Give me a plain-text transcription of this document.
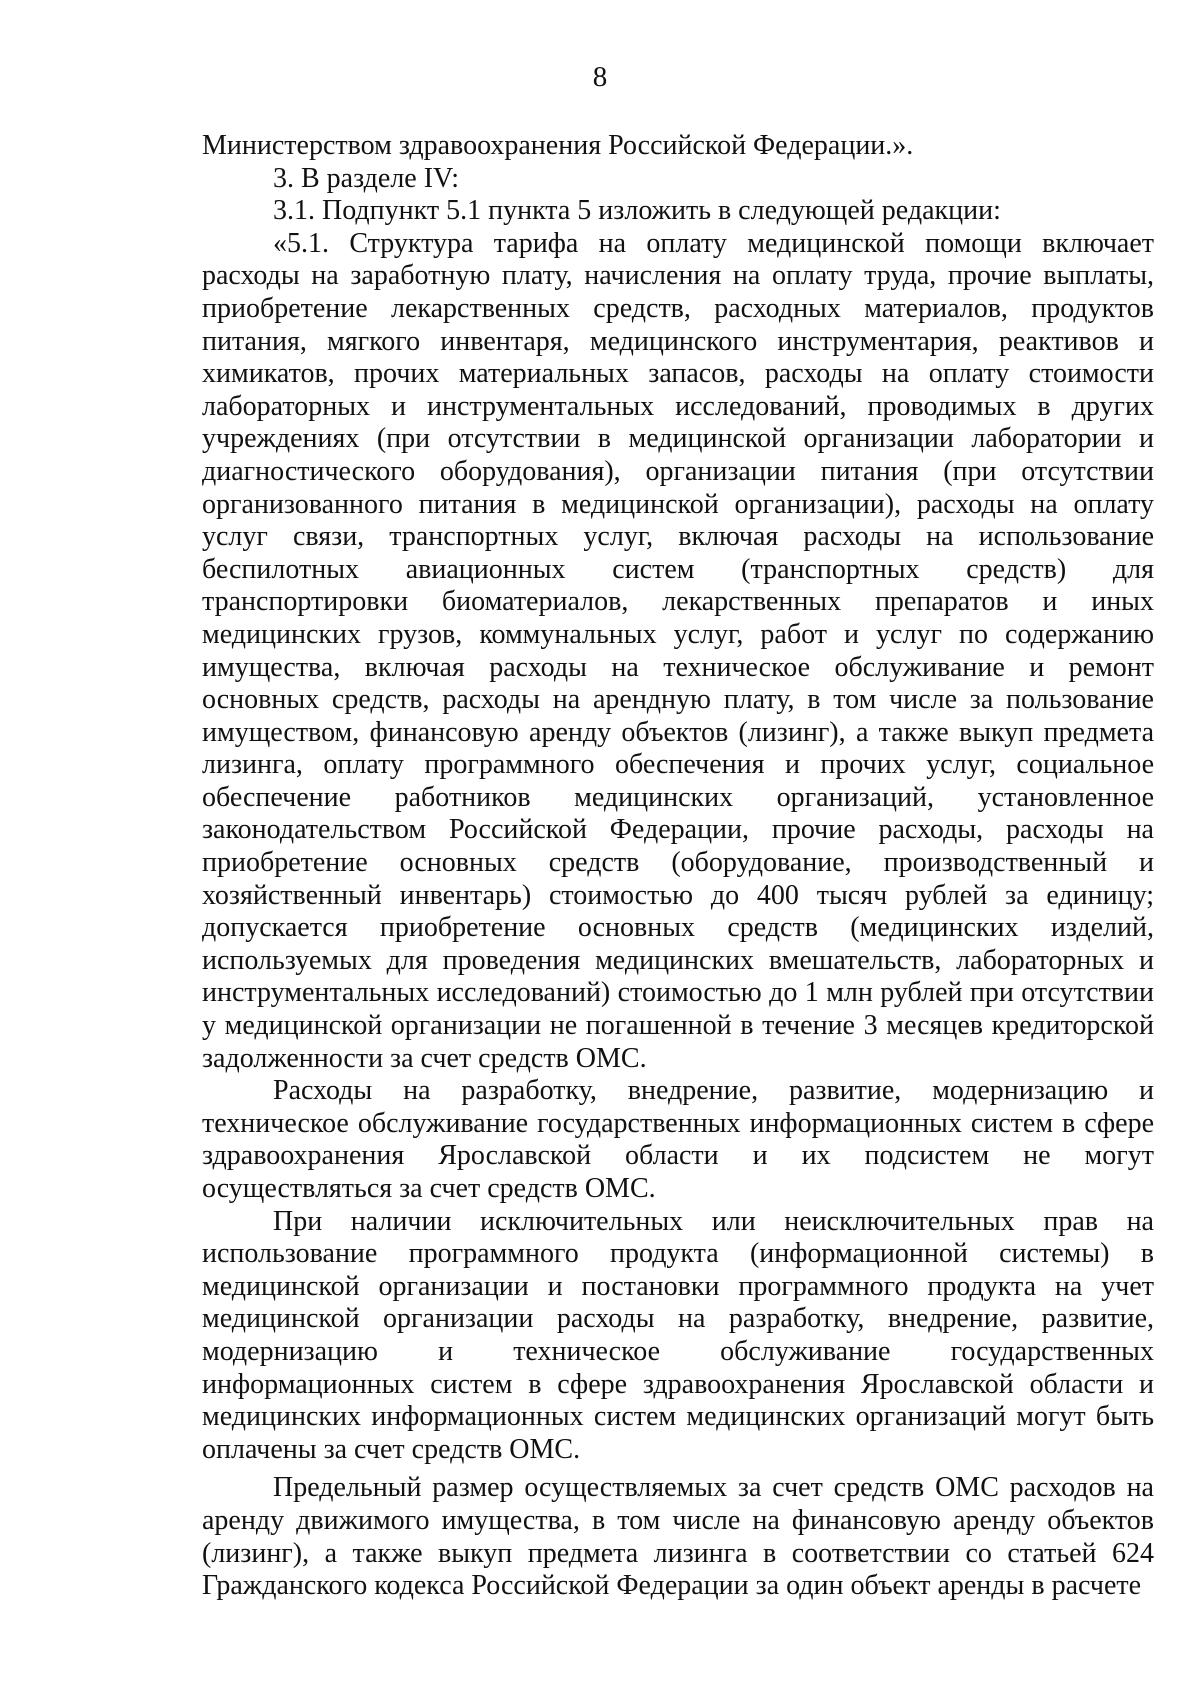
8

Министерством здравоохранения Российской Федерации.».

3. В разделе IV:

3.1. Подпункт 5.1 пункта 5 изложить в следующей редакции:

«5.1. Структура тарифа на оплату медицинской помощи включает расходы на заработную плату, начисления на оплату труда, прочие выплаты, приобретение лекарственных средств, расходных материалов, продуктов питания, мягкого инвентаря, медицинского инструментария, реактивов и химикатов, прочих материальных запасов, расходы на оплату стоимости лабораторных и инструментальных исследований, проводимых в других учреждениях (при отсутствии в медицинской организации лаборатории и диагностического оборудования), организации питания (при отсутствии организованного питания в медицинской организации), расходы на оплату услуг связи, транспортных услуг, включая расходы на использование беспилотных авиационных систем (транспортных средств) для транспортировки биоматериалов, лекарственных препаратов и иных медицинских грузов, коммунальных услуг, работ и услуг по содержанию имущества, включая расходы на техническое обслуживание и ремонт основных средств, расходы на арендную плату, в том числе за пользование имуществом, финансовую аренду объектов (лизинг), а также выкуп предмета лизинга, оплату программного обеспечения и прочих услуг, социальное обеспечение работников медицинских организаций, установленное законодательством Российской Федерации, прочие расходы, расходы на приобретение основных средств (оборудование, производственный и хозяйственный инвентарь) стоимостью до 400 тысяч рублей за единицу; допускается приобретение основных средств (медицинских изделий, используемых для проведения медицинских вмешательств, лабораторных и инструментальных исследований) стоимостью до 1 млн рублей при отсутствии у медицинской организации не погашенной в течение 3 месяцев кредиторской задолженности за счет средств ОМС.

Расходы на разработку, внедрение, развитие, модернизацию и техническое обслуживание государственных информационных систем в сфере здравоохранения Ярославской области и их подсистем не могут осуществляться за счет средств ОМС.

При наличии исключительных или неисключительных прав на использование программного продукта (информационной системы) в медицинской организации и постановки программного продукта на учет медицинской организации расходы на разработку, внедрение, развитие, модернизацию и техническое обслуживание государственных информационных систем в сфере здравоохранения Ярославской области и медицинских информационных систем медицинских организаций могут быть оплачены за счет средств ОМС.

Предельный размер осуществляемых за счет средств ОМС расходов на аренду движимого имущества, в том числе на финансовую аренду объектов (лизинг), а также выкуп предмета лизинга в соответствии со статьей 624 Гражданского кодекса Российской Федерации за один объект аренды в расчете
